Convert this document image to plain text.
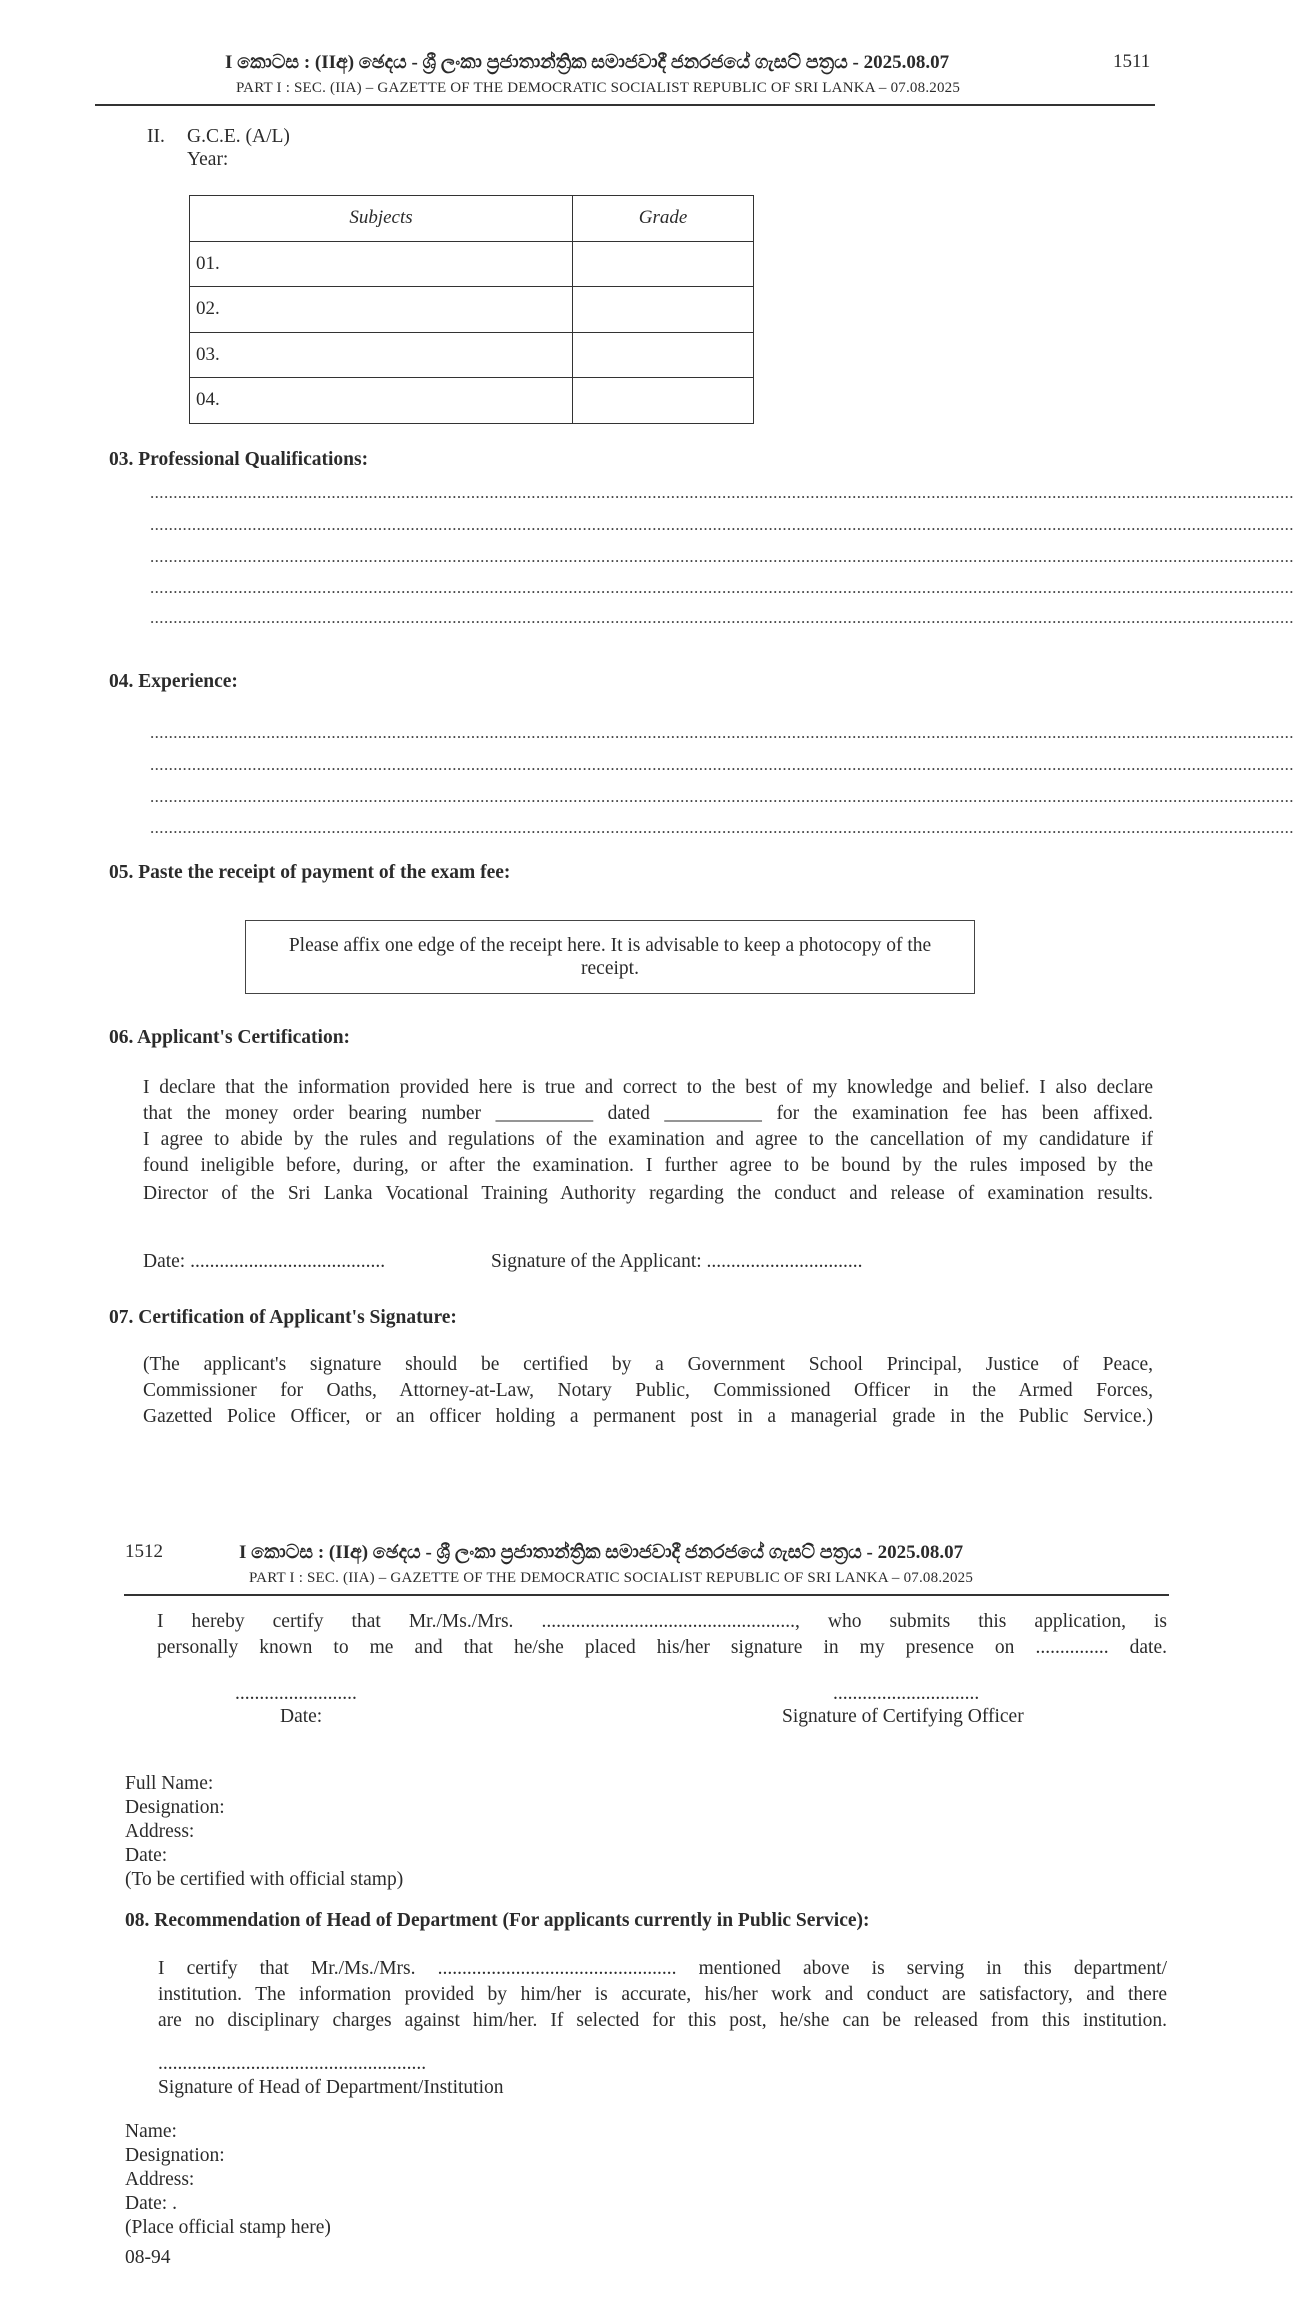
I කොටස : (IIඅ) ඡෙදය - ශ්‍රී ලංකා ප්‍රජාතාන්ත්‍රික සමාජවාදී ජනරජයේ ගැසට් පත්‍රය - 2025.08.07	1511
PART I : SEC. (IIA) – GAZETTE OF THE DEMOCRATIC SOCIALIST REPUBLIC OF SRI LANKA – 07.08.2025
II. G.C.E. (A/L)
Year:
Subjects	Grade
01.	
02.	
03.	
04.	
03. Professional Qualifications:
......................................................................................................................................................................................................................................................
......................................................................................................................................................................................................................................................
......................................................................................................................................................................................................................................................
......................................................................................................................................................................................................................................................
......................................................................................................................................................................................................................................................
04. Experience:
......................................................................................................................................................................................................................................................
......................................................................................................................................................................................................................................................
......................................................................................................................................................................................................................................................
......................................................................................................................................................................................................................................................
05. Paste the receipt of payment of the exam fee:
Please affix one edge of the receipt here. It is advisable to keep a photocopy of the
receipt.
06. Applicant's Certification:
I declare that the information provided here is true and correct to the best of my knowledge and belief. I also declare
that the money order bearing number __________ dated __________ for the examination fee has been affixed.
I agree to abide by the rules and regulations of the examination and agree to the cancellation of my candidature if
found ineligible before, during, or after the examination. I further agree to be bound by the rules imposed by the
Director of the Sri Lanka Vocational Training Authority regarding the conduct and release of examination results.
Date: ........................................	Signature of the Applicant: ................................
07. Certification of Applicant's Signature:
(The applicant's signature should be certified by a Government School Principal, Justice of Peace,
Commissioner for Oaths, Attorney-at-Law, Notary Public, Commissioned Officer in the Armed Forces,
Gazetted Police Officer, or an officer holding a permanent post in a managerial grade in the Public Service.)
1512	I කොටස : (IIඅ) ඡෙදය - ශ්‍රී ලංකා ප්‍රජාතාන්ත්‍රික සමාජවාදී ජනරජයේ ගැසට් පත්‍රය - 2025.08.07
PART I : SEC. (IIA) – GAZETTE OF THE DEMOCRATIC SOCIALIST REPUBLIC OF SRI LANKA – 07.08.2025
I hereby certify that Mr./Ms./Mrs. ...................................................., who submits this application, is
personally known to me and that he/she placed his/her signature in my presence on ............... date.
.........................
Date:
..............................
Signature of Certifying Officer
Full Name:
Designation:
Address:
Date:
(To be certified with official stamp)
08. Recommendation of Head of Department (For applicants currently in Public Service):
I certify that Mr./Ms./Mrs. ................................................. mentioned above is serving in this department/
institution. The information provided by him/her is accurate, his/her work and conduct are satisfactory, and there
are no disciplinary charges against him/her. If selected for this post, he/she can be released from this institution.
.......................................................
Signature of Head of Department/Institution
Name:
Designation:
Address:
Date: .
(Place official stamp here)
08-94
